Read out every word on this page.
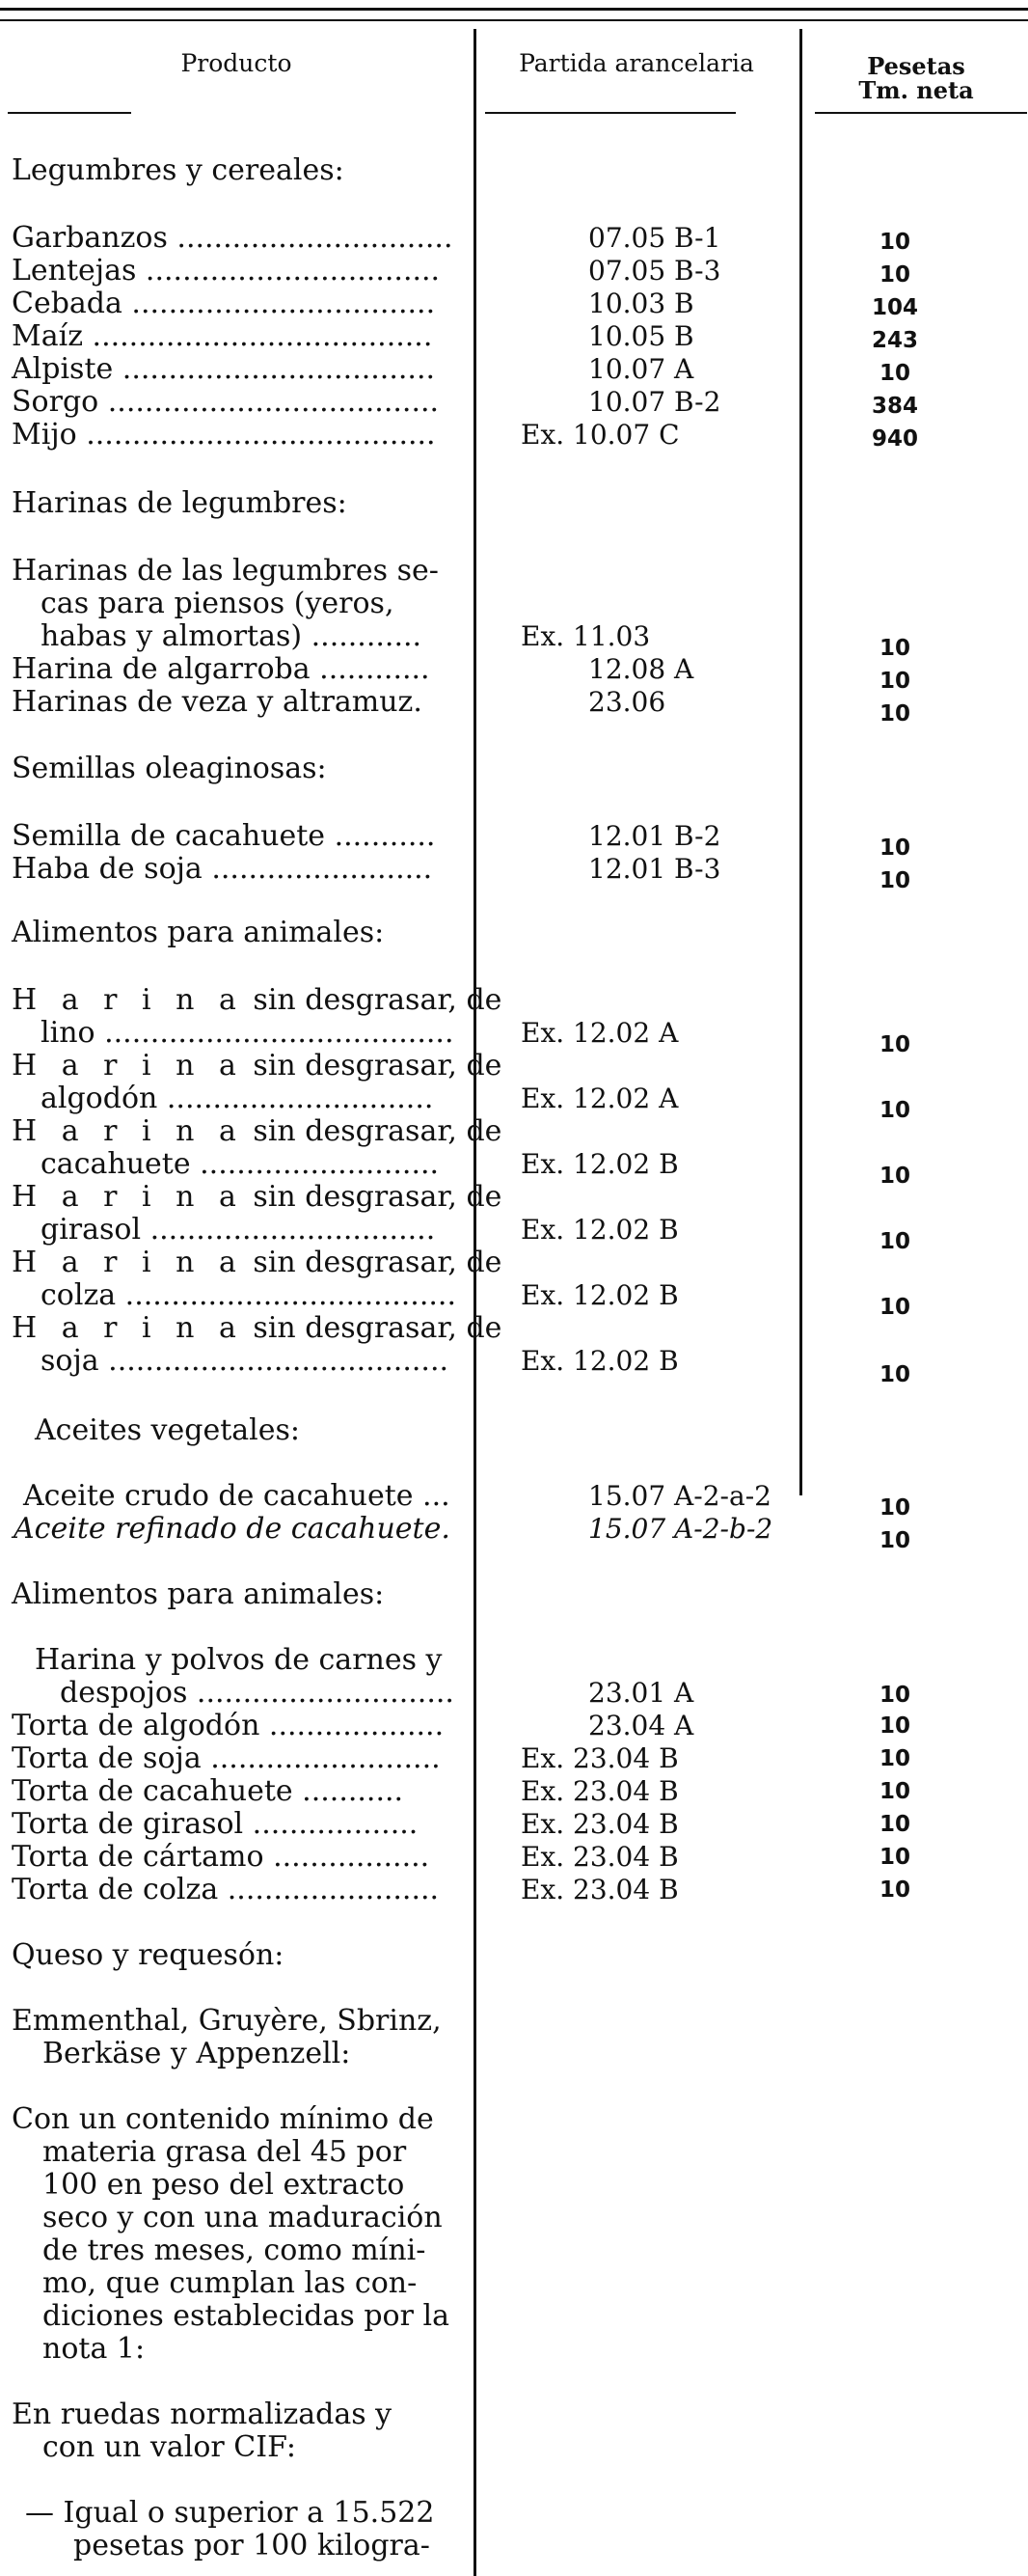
Producto	Partida arancelaria	Pesetas
Tm. neta
Legumbres y cereales:
Garbanzos ..............................	07.05 B-1	10
Lentejas ................................	07.05 B-3	10
Cebada .................................	10.03 B	104
Maíz .....................................	10.05 B	243
Alpiste ..................................	10.07 A	10
Sorgo ....................................	10.07 B-2	384
Mijo ......................................	Ex. 10.07 C	940
Harinas de legumbres:
Harinas de las legumbres se-
cas para piensos (yeros,
habas y almortas) ............	Ex. 11.03	10
Harina de algarroba ............	12.08 A	10
Harinas de veza y altramuz.	23.06	10
Semillas oleaginosas:
Semilla de cacahuete ...........	12.01 B-2	10
Haba de soja ........................	12.01 B-3	10
Alimentos para animales:
H a r i n a sin desgrasar, de
lino ......................................	Ex. 12.02 A	10
H a r i n a sin desgrasar, de
algodón .............................	Ex. 12.02 A	10
H a r i n a sin desgrasar, de
cacahuete ..........................	Ex. 12.02 B	10
H a r i n a sin desgrasar, de
girasol ...............................	Ex. 12.02 B	10
H a r i n a sin desgrasar, de
colza ....................................	Ex. 12.02 B	10
H a r i n a sin desgrasar, de
soja .....................................	Ex. 12.02 B	10
Aceites vegetales:
Aceite crudo de cacahuete ...	15.07 A-2-a-2	10
Aceite refinado de cacahuete.	15.07 A-2-b-2	10
Alimentos para animales:
Harina y polvos de carnes y
despojos ............................	23.01 A	10
Torta de algodón ...................	23.04 A	10
Torta de soja .........................	Ex. 23.04 B	10
Torta de cacahuete ...........	Ex. 23.04 B	10
Torta de girasol ..................	Ex. 23.04 B	10
Torta de cártamo .................	Ex. 23.04 B	10
Torta de colza .......................	Ex. 23.04 B	10
Queso y requesón:
Emmenthal, Gruyère, Sbrinz,
Berkäse y Appenzell:
Con un contenido mínimo de
materia grasa del 45 por
100 en peso del extracto
seco y con una maduración
de tres meses, como míni-
mo, que cumplan las con-
diciones establecidas por la
nota 1:
En ruedas normalizadas y
con un valor CIF:
— Igual o superior a 15.522
pesetas por 100 kilogra-
